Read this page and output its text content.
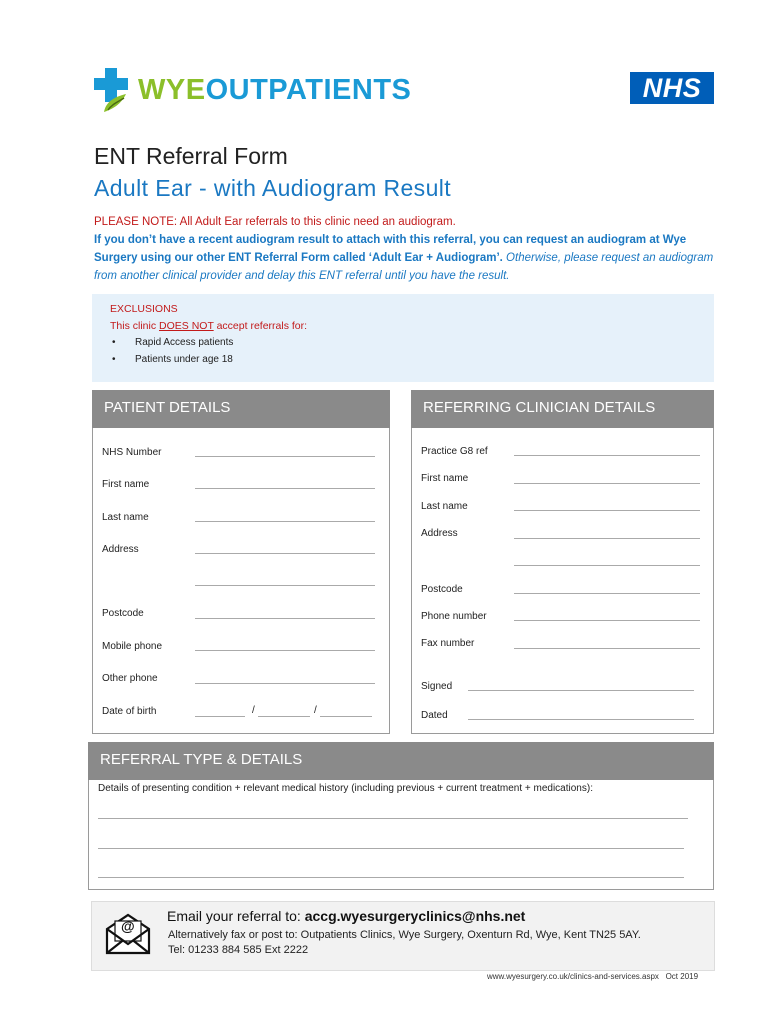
WYEOUTPATIENTS	NHS
ENT Referral Form
Adult Ear - with Audiogram Result
PLEASE NOTE: All Adult Ear referrals to this clinic need an audiogram.
If you don’t have a recent audiogram result to attach with this referral, you can request an audiogram at Wye Surgery using our other ENT Referral Form called ‘Adult Ear + Audiogram’. Otherwise, please request an audiogram from another clinical provider and delay this ENT referral until you have the result.
EXCLUSIONS
This clinic DOES NOT accept referrals for:
• Rapid Access patients
• Patients under age 18
PATIENT DETAILS
NHS Number
First name
Last name
Address
Postcode
Mobile phone
Other phone
Date of birth	/	/
REFERRING CLINICIAN DETAILS
Practice G8 ref
First name
Last name
Address
Postcode
Phone number
Fax number
Signed
Dated
REFERRAL TYPE & DETAILS
Details of presenting condition + relevant medical history (including previous + current treatment + medications):
@
Email your referral to: accg.wyesurgeryclinics@nhs.net
Alternatively fax or post to: Outpatients Clinics, Wye Surgery, Oxenturn Rd, Wye, Kent TN25 5AY.
Tel: 01233 884 585 Ext 2222
www.wyesurgery.co.uk/clinics-and-services.aspx Oct 2019
